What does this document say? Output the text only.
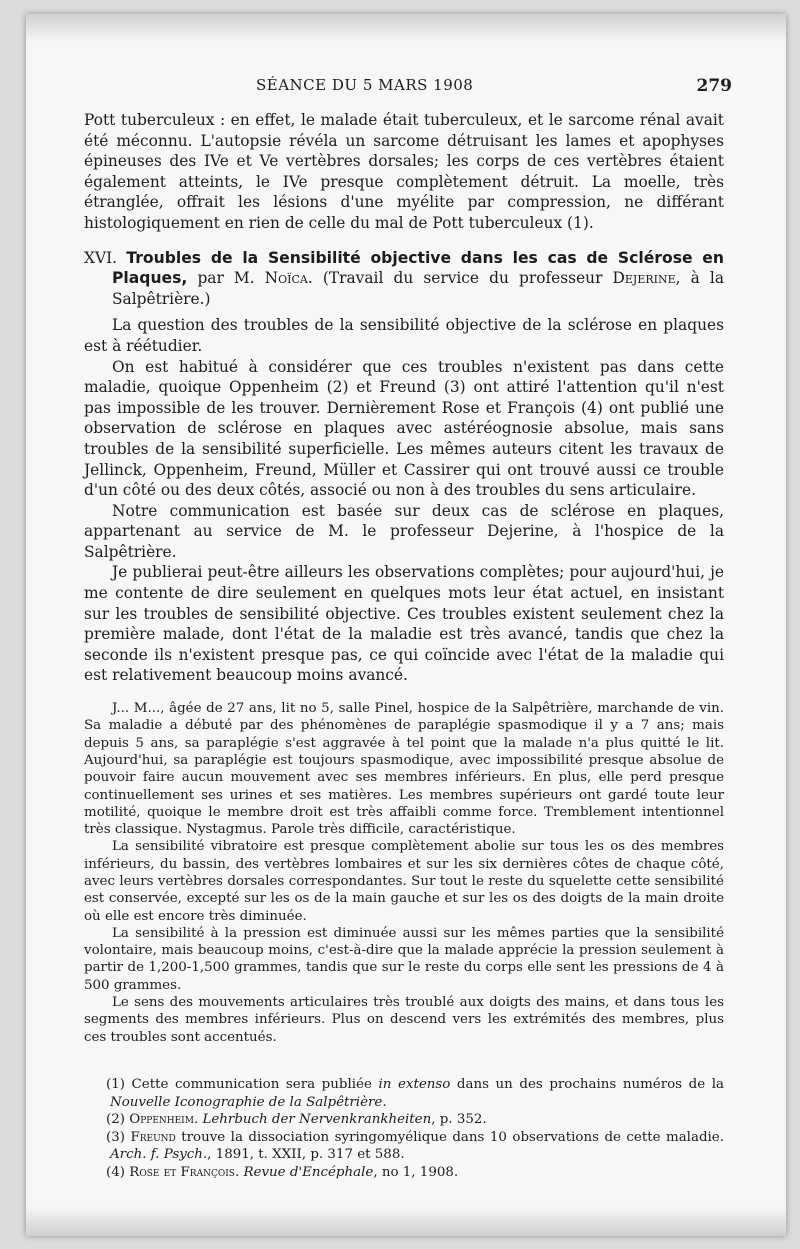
SÉANCE DU 5 MARS 1908	279

Pott tuberculeux : en effet, le malade était tuberculeux, et le sarcome rénal avait été méconnu. L'autopsie révéla un sarcome détruisant les lames et apophyses épineuses des IVe et Ve vertèbres dorsales; les corps de ces vertèbres étaient également atteints, le IVe presque complètement détruit. La moelle, très étranglée, offrait les lésions d'une myélite par compression, ne différant histologiquement en rien de celle du mal de Pott tuberculeux (1).

XVI. Troubles de la Sensibilité objective dans les cas de Sclérose en Plaques, par M. Noïca. (Travail du service du professeur Dejerine, à la Salpêtrière.)

La question des troubles de la sensibilité objective de la sclérose en plaques est à réétudier.

On est habitué à considérer que ces troubles n'existent pas dans cette maladie, quoique Oppenheim (2) et Freund (3) ont attiré l'attention qu'il n'est pas impossible de les trouver. Dernièrement Rose et François (4) ont publié une observation de sclérose en plaques avec astéréognosie absolue, mais sans troubles de la sensibilité superficielle. Les mêmes auteurs citent les travaux de Jellinck, Oppenheim, Freund, Müller et Cassirer qui ont trouvé aussi ce trouble d'un côté ou des deux côtés, associé ou non à des troubles du sens articulaire.

Notre communication est basée sur deux cas de sclérose en plaques, appartenant au service de M. le professeur Dejerine, à l'hospice de la Salpêtrière.

Je publierai peut-être ailleurs les observations complètes; pour aujourd'hui, je me contente de dire seulement en quelques mots leur état actuel, en insistant sur les troubles de sensibilité objective. Ces troubles existent seulement chez la première malade, dont l'état de la maladie est très avancé, tandis que chez la seconde ils n'existent presque pas, ce qui coïncide avec l'état de la maladie qui est relativement beaucoup moins avancé.

J... M..., âgée de 27 ans, lit no 5, salle Pinel, hospice de la Salpêtrière, marchande de vin. Sa maladie a débuté par des phénomènes de paraplégie spasmodique il y a 7 ans; mais depuis 5 ans, sa paraplégie s'est aggravée à tel point que la malade n'a plus quitté le lit. Aujourd'hui, sa paraplégie est toujours spasmodique, avec impossibilité presque absolue de pouvoir faire aucun mouvement avec ses membres inférieurs. En plus, elle perd presque continuellement ses urines et ses matières. Les membres supérieurs ont gardé toute leur motilité, quoique le membre droit est très affaibli comme force. Tremblement intentionnel très classique. Nystagmus. Parole très difficile, caractéristique.

La sensibilité vibratoire est presque complètement abolie sur tous les os des membres inférieurs, du bassin, des vertèbres lombaires et sur les six dernières côtes de chaque côté, avec leurs vertèbres dorsales correspondantes. Sur tout le reste du squelette cette sensibilité est conservée, excepté sur les os de la main gauche et sur les os des doigts de la main droite où elle est encore très diminuée.

La sensibilité à la pression est diminuée aussi sur les mêmes parties que la sensibilité volontaire, mais beaucoup moins, c'est-à-dire que la malade apprécie la pression seulement à partir de 1,200-1,500 grammes, tandis que sur le reste du corps elle sent les pressions de 4 à 500 grammes.

Le sens des mouvements articulaires très troublé aux doigts des mains, et dans tous les segments des membres inférieurs. Plus on descend vers les extrémités des membres, plus ces troubles sont accentués.

(1) Cette communication sera publiée in extenso dans un des prochains numéros de la Nouvelle Iconographie de la Salpêtrière.

(2) Oppenheim. Lehrbuch der Nervenkrankheiten, p. 352.

(3) Freund trouve la dissociation syringomyélique dans 10 observations de cette maladie. Arch. f. Psych., 1891, t. XXII, p. 317 et 588.

(4) Rose et François. Revue d'Encéphale, no 1, 1908.
